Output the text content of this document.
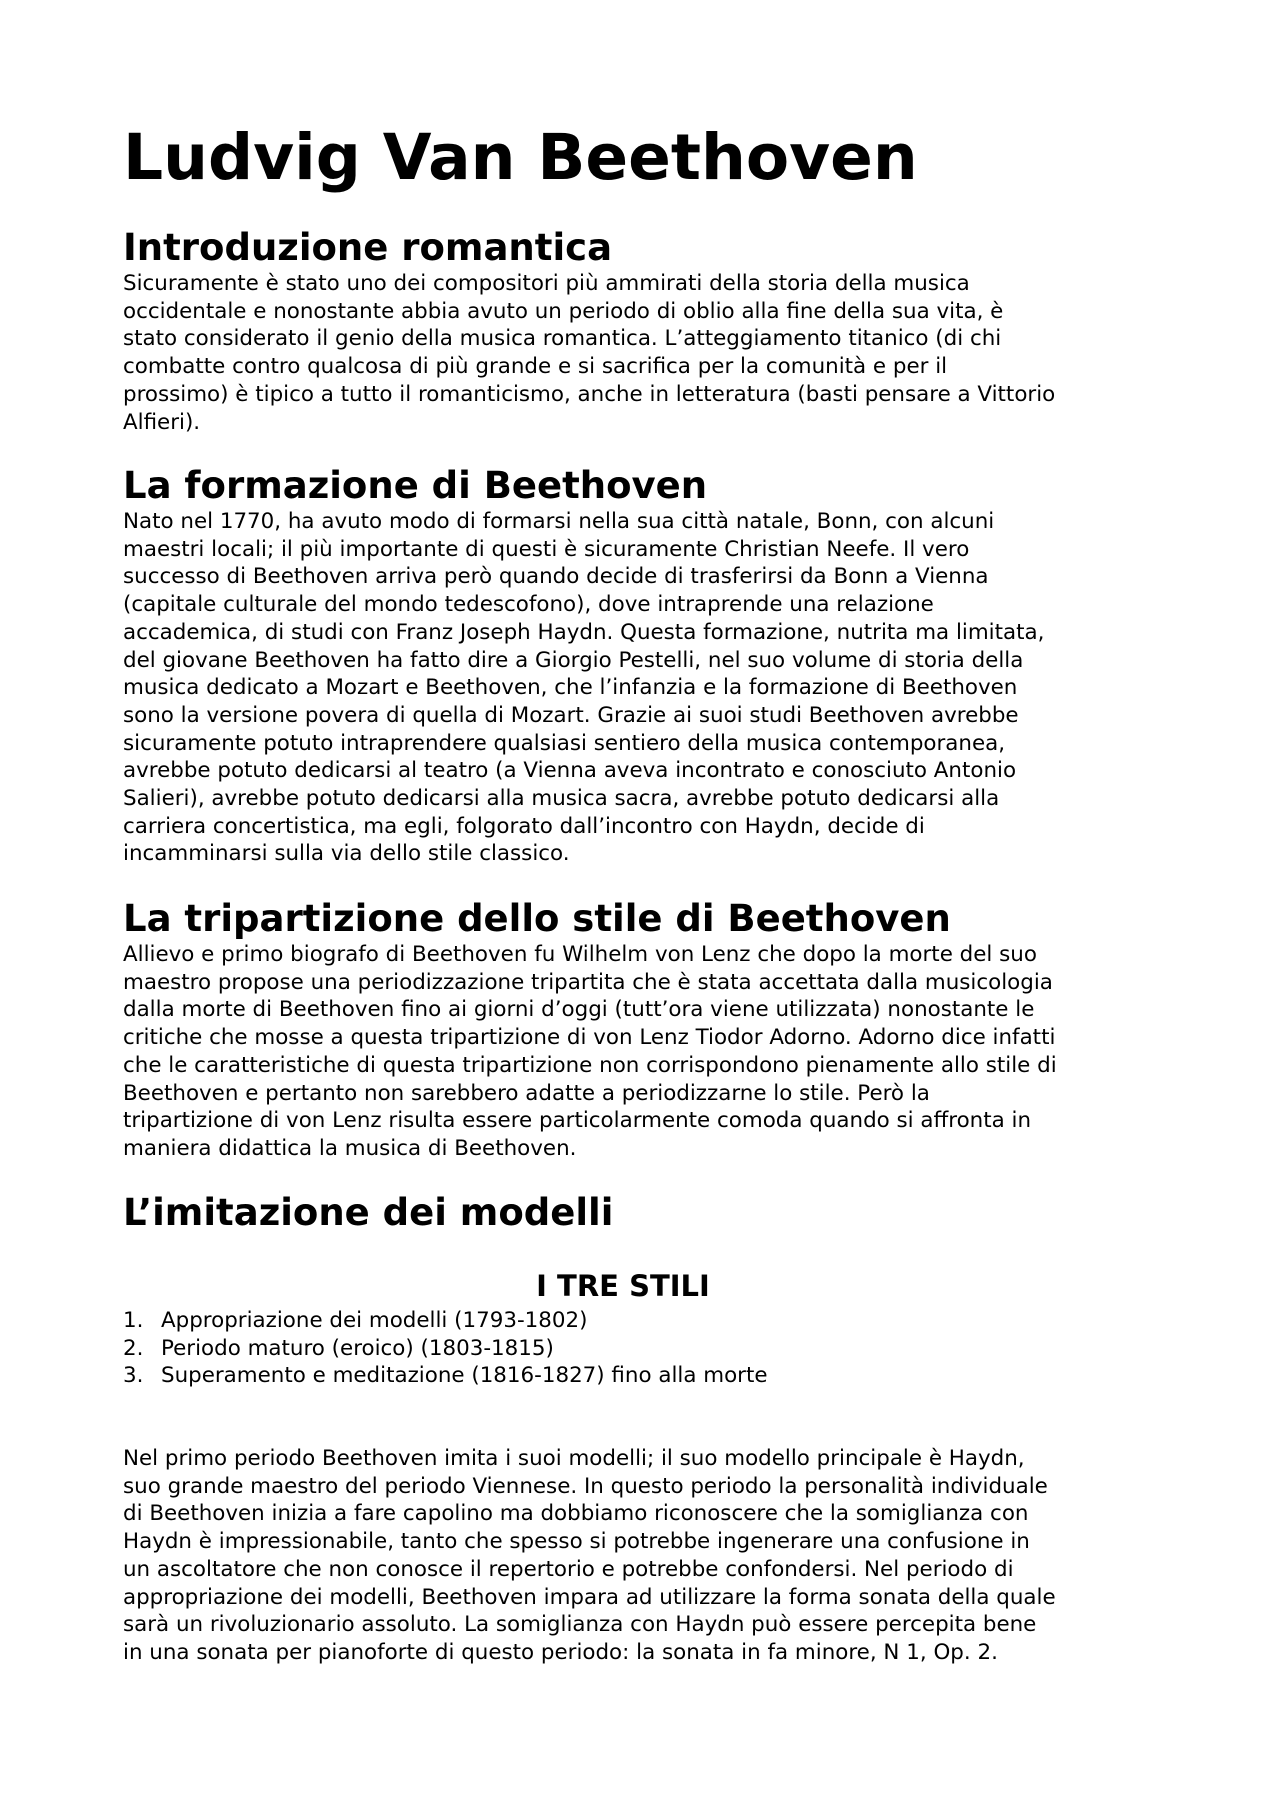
Ludvig Van Beethoven
Introduzione romantica

Sicuramente è stato uno dei compositori più ammirati della storia della musica
occidentale e nonostante abbia avuto un periodo di oblio alla fine della sua vita, è
stato considerato il genio della musica romantica. L’atteggiamento titanico (di chi
combatte contro qualcosa di più grande e si sacrifica per la comunità e per il
prossimo) è tipico a tutto il romanticismo, anche in letteratura (basti pensare a Vittorio
Alfieri).

La formazione di Beethoven

Nato nel 1770, ha avuto modo di formarsi nella sua città natale, Bonn, con alcuni
maestri locali; il più importante di questi è sicuramente Christian Neefe. Il vero
successo di Beethoven arriva però quando decide di trasferirsi da Bonn a Vienna
(capitale culturale del mondo tedescofono), dove intraprende una relazione
accademica, di studi con Franz Joseph Haydn. Questa formazione, nutrita ma limitata,
del giovane Beethoven ha fatto dire a Giorgio Pestelli, nel suo volume di storia della
musica dedicato a Mozart e Beethoven, che l’infanzia e la formazione di Beethoven
sono la versione povera di quella di Mozart. Grazie ai suoi studi Beethoven avrebbe
sicuramente potuto intraprendere qualsiasi sentiero della musica contemporanea,
avrebbe potuto dedicarsi al teatro (a Vienna aveva incontrato e conosciuto Antonio
Salieri), avrebbe potuto dedicarsi alla musica sacra, avrebbe potuto dedicarsi alla
carriera concertistica, ma egli, folgorato dall’incontro con Haydn, decide di
incamminarsi sulla via dello stile classico.

La tripartizione dello stile di Beethoven

Allievo e primo biografo di Beethoven fu Wilhelm von Lenz che dopo la morte del suo
maestro propose una periodizzazione tripartita che è stata accettata dalla musicologia
dalla morte di Beethoven fino ai giorni d’oggi (tutt’ora viene utilizzata) nonostante le
critiche che mosse a questa tripartizione di von Lenz Tiodor Adorno. Adorno dice infatti
che le caratteristiche di questa tripartizione non corrispondono pienamente allo stile di
Beethoven e pertanto non sarebbero adatte a periodizzarne lo stile. Però la
tripartizione di von Lenz risulta essere particolarmente comoda quando si affronta in
maniera didattica la musica di Beethoven.

L’imitazione dei modelli
I TRE STILI
1. Appropriazione dei modelli (1793-1802)
2. Periodo maturo (eroico) (1803-1815)
3. Superamento e meditazione (1816-1827) fino alla morte

Nel primo periodo Beethoven imita i suoi modelli; il suo modello principale è Haydn,
suo grande maestro del periodo Viennese. In questo periodo la personalità individuale
di Beethoven inizia a fare capolino ma dobbiamo riconoscere che la somiglianza con
Haydn è impressionabile, tanto che spesso si potrebbe ingenerare una confusione in
un ascoltatore che non conosce il repertorio e potrebbe confondersi. Nel periodo di
appropriazione dei modelli, Beethoven impara ad utilizzare la forma sonata della quale
sarà un rivoluzionario assoluto. La somiglianza con Haydn può essere percepita bene
in una sonata per pianoforte di questo periodo: la sonata in fa minore, N 1, Op. 2.
